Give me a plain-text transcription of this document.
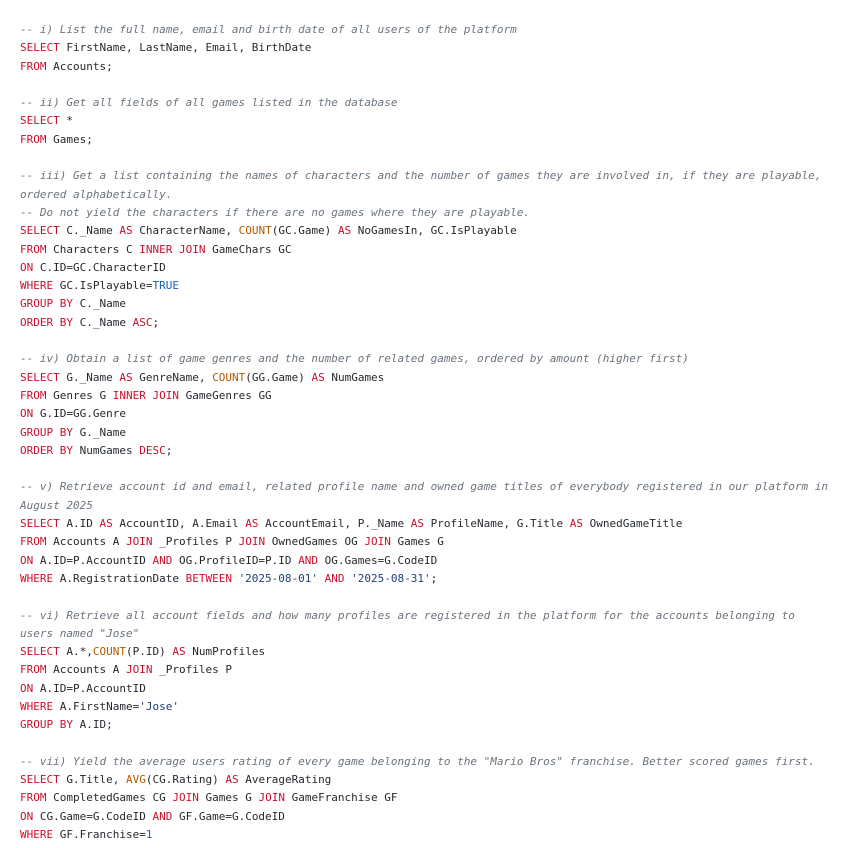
-- i) List the full name, email and birth date of all users of the platform
SELECT FirstName, LastName, Email, BirthDate
FROM Accounts;
-- ii) Get all fields of all games listed in the database
SELECT *
FROM Games;
-- iii) Get a list containing the names of characters and the number of games they are involved in, if they are playable, ordered alphabetically.
-- Do not yield the characters if there are no games where they are playable.
SELECT C._Name AS CharacterName, COUNT(GC.Game) AS NoGamesIn, GC.IsPlayable
FROM Characters C INNER JOIN GameChars GC
ON C.ID=GC.CharacterID
WHERE GC.IsPlayable=TRUE
GROUP BY C._Name
ORDER BY C._Name ASC;
-- iv) Obtain a list of game genres and the number of related games, ordered by amount (higher first)
SELECT G._Name AS GenreName, COUNT(GG.Game) AS NumGames
FROM Genres G INNER JOIN GameGenres GG
ON G.ID=GG.Genre
GROUP BY G._Name
ORDER BY NumGames DESC;
-- v) Retrieve account id and email, related profile name and owned game titles of everybody registered in our platform in August 2025
SELECT A.ID AS AccountID, A.Email AS AccountEmail, P._Name AS ProfileName, G.Title AS OwnedGameTitle
FROM Accounts A JOIN _Profiles P JOIN OwnedGames OG JOIN Games G
ON A.ID=P.AccountID AND OG.ProfileID=P.ID AND OG.Games=G.CodeID
WHERE A.RegistrationDate BETWEEN '2025-08-01' AND '2025-08-31';
-- vi) Retrieve all account fields and how many profiles are registered in the platform for the accounts belonging to users named "Jose"
SELECT A.*,COUNT(P.ID) AS NumProfiles
FROM Accounts A JOIN _Profiles P
ON A.ID=P.AccountID
WHERE A.FirstName='Jose'
GROUP BY A.ID;
-- vii) Yield the average users rating of every game belonging to the "Mario Bros" franchise. Better scored games first.
SELECT G.Title, AVG(CG.Rating) AS AverageRating
FROM CompletedGames CG JOIN Games G JOIN GameFranchise GF
ON CG.Game=G.CodeID AND GF.Game=G.CodeID
WHERE GF.Franchise=1
